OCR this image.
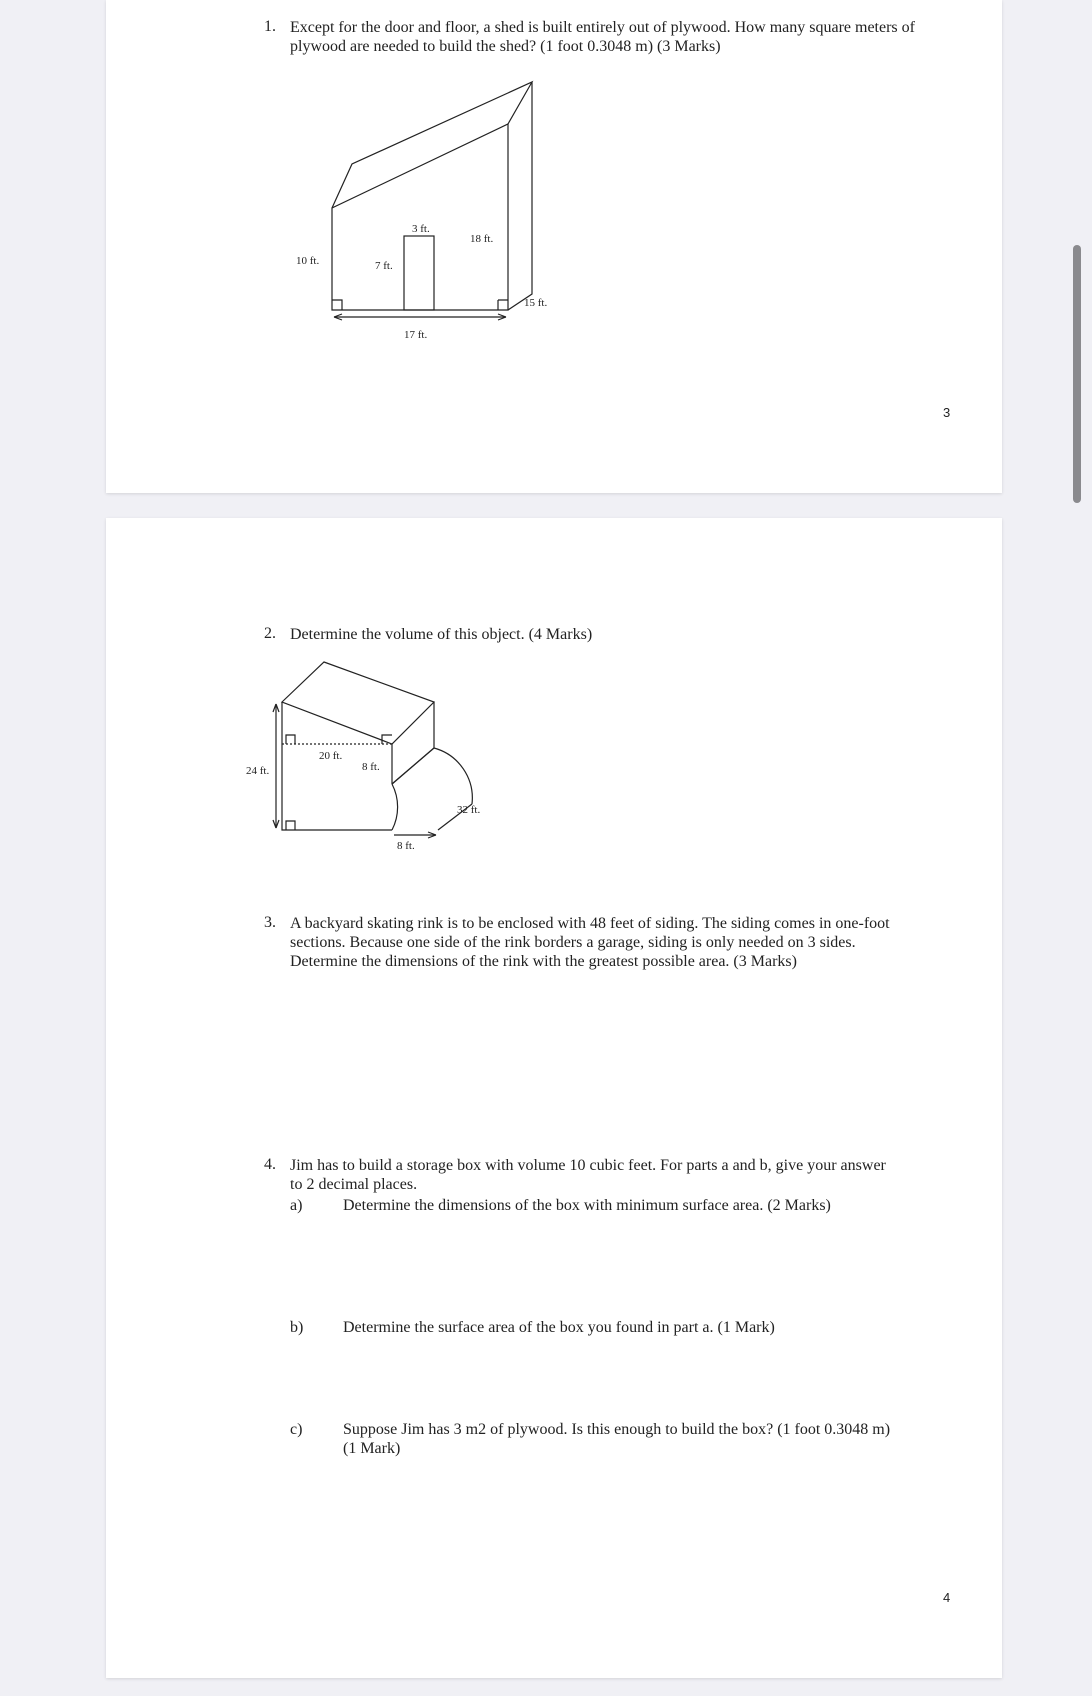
1. Except for the door and floor, a shed is built entirely out of plywood. How many square meters of
plywood are needed to build the shed? (1 foot 0.3048 m) (3 Marks)
3 ft.
18 ft.
10 ft.	7 ft.
15 ft.
17 ft.
3
2. Determine the volume of this object. (4 Marks)
24 ft.
20 ft.
8 ft.
32 ft.
8 ft.
3. A backyard skating rink is to be enclosed with 48 feet of siding. The siding comes in one-foot
sections. Because one side of the rink borders a garage, siding is only needed on 3 sides.
Determine the dimensions of the rink with the greatest possible area. (3 Marks)
4. Jim has to build a storage box with volume 10 cubic feet. For parts a and b, give your answer
to 2 decimal places.
a)	Determine the dimensions of the box with minimum surface area. (2 Marks)
b) Determine the surface area of the box you found in part a. (1 Mark)
c)	Suppose Jim has 3 m2 of plywood. Is this enough to build the box? (1 foot 0.3048 m)
(1 Mark)
4
